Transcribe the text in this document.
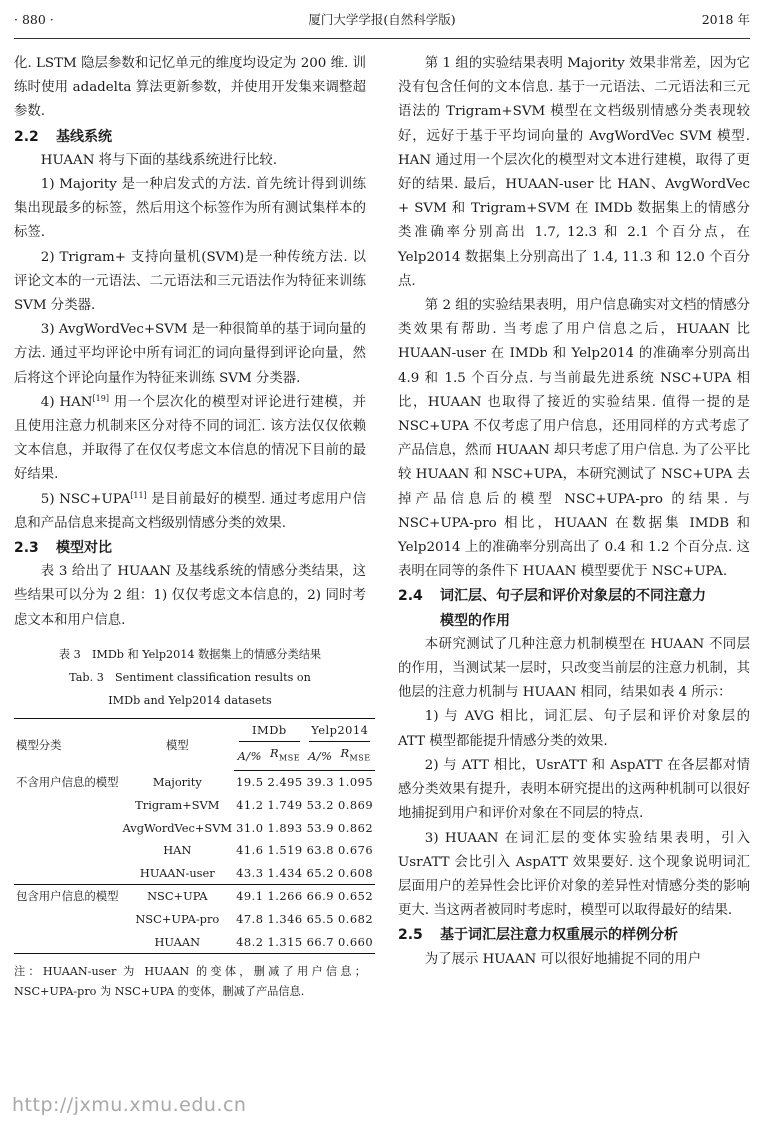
· 880 ·	厦门大学学报(自然科学版)	2018 年

化. LSTM 隐层参数和记忆单元的维度均设定为 200 维. 训练时使用 adadelta 算法更新参数，并使用开发集来调整超参数.

2.2 基线系统

HUAAN 将与下面的基线系统进行比较.

1) Majority 是一种启发式的方法. 首先统计得到训练集出现最多的标签，然后用这个标签作为所有测试集样本的标签.

2) Trigram+ 支持向量机(SVM)是一种传统方法. 以评论文本的一元语法、二元语法和三元语法作为特征来训练 SVM 分类器.

3) AvgWordVec+SVM 是一种很简单的基于词向量的方法. 通过平均评论中所有词汇的词向量得到评论向量，然后将这个评论向量作为特征来训练 SVM 分类器.

4) HAN[19] 用一个层次化的模型对评论进行建模，并且使用注意力机制来区分对待不同的词汇. 该方法仅仅依赖文本信息，并取得了在仅仅考虑文本信息的情况下目前的最好结果.

5) NSC+UPA[11] 是目前最好的模型. 通过考虑用户信息和产品信息来提高文档级别情感分类的效果.

2.3 模型对比

表 3 给出了 HUAAN 及基线系统的情感分类结果，这些结果可以分为 2 组：1) 仅仅考虑文本信息的，2) 同时考虑文本和用户信息.

表 3　IMDb 和 Yelp2014 数据集上的情感分类结果
Tab. 3　Sentiment classification results on
IMDb and Yelp2014 datasets
模型分类	模型	IMDb		Yelp2014	
		A/%	$R_{MSE}$	A/%	$R_{MSE}$
不含用户信息的模型	Majority	19.5	2.495	39.3	1.095
	Trigram+SVM	41.2	1.749	53.2	0.869
	AvgWordVec+SVM	31.0	1.893	53.9	0.862
	HAN	41.6	1.519	63.8	0.676
	HUAAN-user	43.3	1.434	65.2	0.608
包含用户信息的模型	NSC+UPA	49.1	1.266	66.9	0.652
	NSC+UPA-pro	47.8	1.346	65.5	0.682
	HUAAN	48.2	1.315	66.7	0.660
注：HUAAN-user 为 HUAAN 的变体，删减了用户信息；NSC+UPA-pro 为 NSC+UPA 的变体，删减了产品信息.

第 1 组的实验结果表明 Majority 效果非常差，因为它没有包含任何的文本信息. 基于一元语法、二元语法和三元语法的 Trigram+SVM 模型在文档级别情感分类表现较好，远好于基于平均词向量的 AvgWordVec SVM 模型. HAN 通过用一个层次化的模型对文本进行建模，取得了更好的结果. 最后，HUAAN-user 比 HAN、AvgWordVec + SVM 和 Trigram+SVM 在 IMDb 数据集上的情感分类准确率分别高出 1.7, 12.3 和 2.1 个百分点，在 Yelp2014 数据集上分别高出了 1.4, 11.3 和 12.0 个百分点.

第 2 组的实验结果表明，用户信息确实对文档的情感分类效果有帮助. 当考虑了用户信息之后，HUAAN 比 HUAAN-user 在 IMDb 和 Yelp2014 的准确率分别高出 4.9 和 1.5 个百分点. 与当前最先进系统 NSC+UPA 相比，HUAAN 也取得了接近的实验结果. 值得一提的是 NSC+UPA 不仅考虑了用户信息，还用同样的方式考虑了产品信息，然而 HUAAN 却只考虑了用户信息. 为了公平比较 HUAAN 和 NSC+UPA，本研究测试了 NSC+UPA 去掉产品信息后的模型 NSC+UPA-pro 的结果. 与 NSC+UPA-pro 相比，HUAAN 在数据集 IMDB 和 Yelp2014 上的准确率分别高出了 0.4 和 1.2 个百分点. 这表明在同等的条件下 HUAAN 模型要优于 NSC+UPA.

2.4 词汇层、句子层和评价对象层的不同注意力
模型的作用

本研究测试了几种注意力机制模型在 HUAAN 不同层的作用，当测试某一层时，只改变当前层的注意力机制，其他层的注意力机制与 HUAAN 相同，结果如表 4 所示：

1) 与 AVG 相比，词汇层、句子层和评价对象层的 ATT 模型都能提升情感分类的效果.

2) 与 ATT 相比，UsrATT 和 AspATT 在各层都对情感分类效果有提升，表明本研究提出的这两种机制可以很好地捕捉到用户和评价对象在不同层的特点.

3) HUAAN 在词汇层的变体实验结果表明，引入 UsrATT 会比引入 AspATT 效果要好. 这个现象说明词汇层面用户的差异性会比评价对象的差异性对情感分类的影响更大. 当这两者被同时考虑时，模型可以取得最好的结果.

2.5 基于词汇层注意力权重展示的样例分析

为了展示 HUAAN 可以很好地捕捉不同的用户

http://jxmu.xmu.edu.cn
